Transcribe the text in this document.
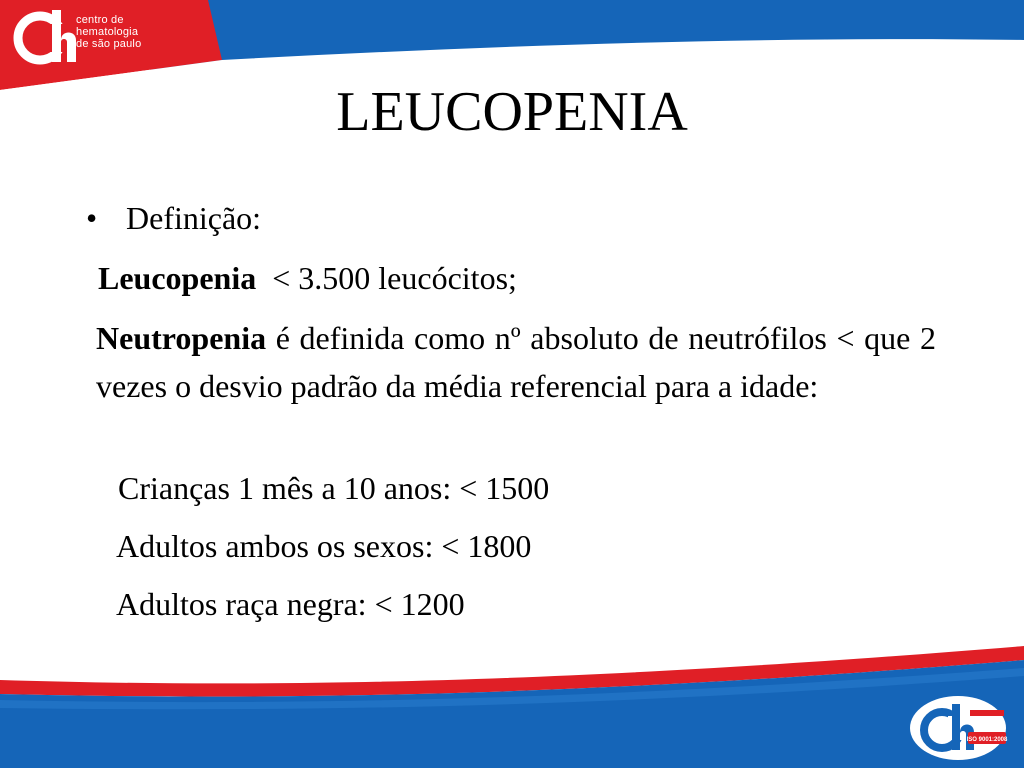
centro de
hematologia
de são paulo
LEUCOPENIA
• Definição:
Leucopenia < 3.500 leucócitos;
Neutropenia é definida como nº absoluto de neutrófilos < que 2 vezes o desvio padrão da média referencial para a idade:
Crianças 1 mês a 10 anos: < 1500
Adultos ambos os sexos: < 1800
Adultos raça negra: < 1200
ISO 9001:2008
